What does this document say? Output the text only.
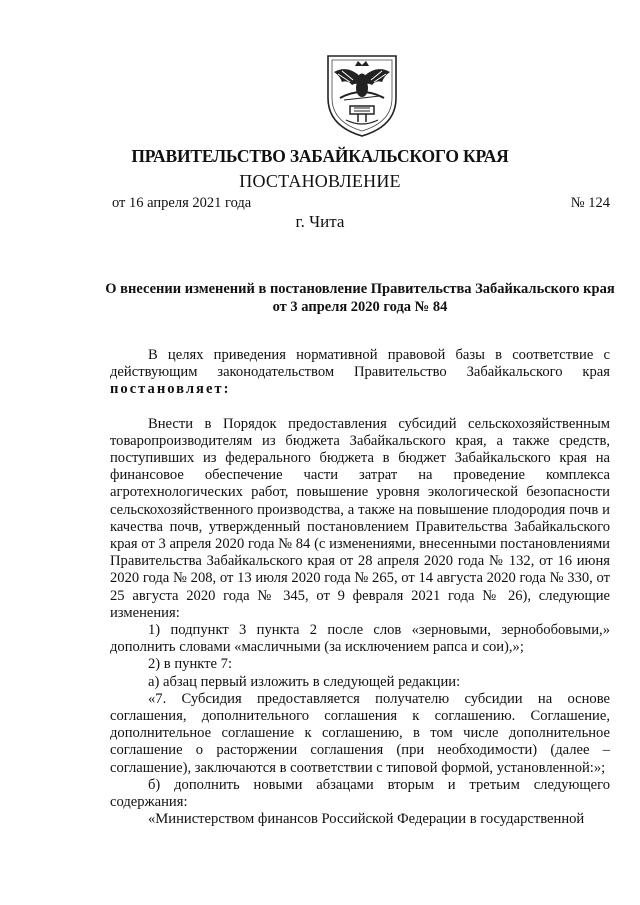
ПРАВИТЕЛЬСТВО ЗАБАЙКАЛЬСКОГО КРАЯ
ПОСТАНОВЛЕНИЕ
от 16 апреля 2021 года	№ 124
г. Чита
О внесении изменений в постановление Правительства Забайкальского края от 3 апреля 2020 года № 84

В целях приведения нормативной правовой базы в соответствие с действующим законодательством Правительство Забайкальского края постановляет:

Внести в Порядок предоставления субсидий сельскохозяйственным товаропроизводителям из бюджета Забайкальского края, а также средств, поступивших из федерального бюджета в бюджет Забайкальского края на финансовое обеспечение части затрат на проведение комплекса агротехнологических работ, повышение уровня экологической безопасности сельскохозяйственного производства, а также на повышение плодородия почв и качества почв, утвержденный постановлением Правительства Забайкальского края от 3 апреля 2020 года № 84 (с изменениями, внесенными постановлениями Правительства Забайкальского края от 28 апреля 2020 года № 132, от 16 июня 2020 года № 208, от 13 июля 2020 года № 265, от 14 августа 2020 года № 330, от 25 августа 2020 года № 345, от 9 февраля 2021 года № 26), следующие изменения:

1) подпункт 3 пункта 2 после слов «зерновыми, зернобобовыми,» дополнить словами «масличными (за исключением рапса и сои),»;

2) в пункте 7:

а) абзац первый изложить в следующей редакции:

«7. Субсидия предоставляется получателю субсидии на основе соглашения, дополнительного соглашения к соглашению. Соглашение, дополнительное соглашение к соглашению, в том числе дополнительное соглашение о расторжении соглашения (при необходимости) (далее – соглашение), заключаются в соответствии с типовой формой, установленной:»;

б) дополнить новыми абзацами вторым и третьим следующего содержания:

«Министерством финансов Российской Федерации в государственной
